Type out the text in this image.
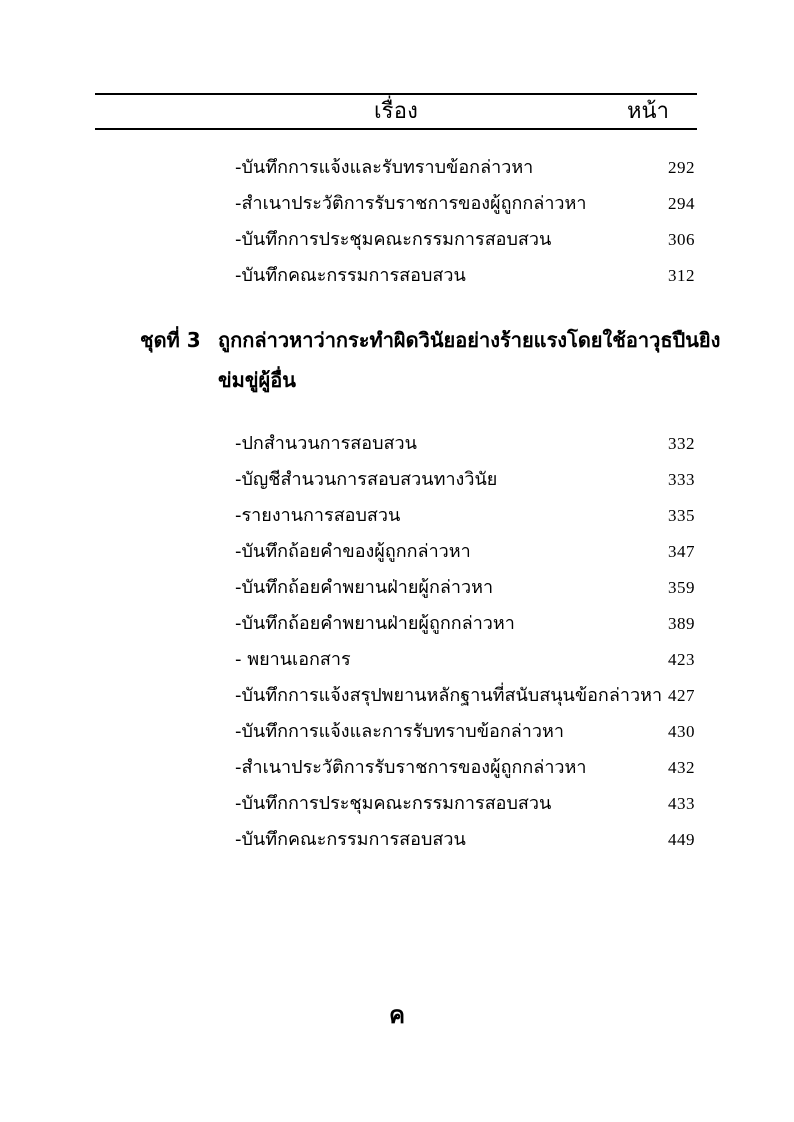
เรื่อง	หน้า
-บันทึกการแจ้งและรับทราบข้อกล่าวหา	292
-สำเนาประวัติการรับราชการของผู้ถูกกล่าวหา	294
-บันทึกการประชุมคณะกรรมการสอบสวน	306
-บันทึกคณะกรรมการสอบสวน	312
ชุดที่ 3 ถูกกล่าวหาว่ากระทำผิดวินัยอย่างร้ายแรงโดยใช้อาวุธปืนยิง
ข่มขู่ผู้อื่น
-ปกสำนวนการสอบสวน	332
-บัญชีสำนวนการสอบสวนทางวินัย	333
-รายงานการสอบสวน	335
-บันทึกถ้อยคำของผู้ถูกกล่าวหา	347
-บันทึกถ้อยคำพยานฝ่ายผู้กล่าวหา	359
-บันทึกถ้อยคำพยานฝ่ายผู้ถูกกล่าวหา	389
- พยานเอกสาร	423
-บันทึกการแจ้งสรุปพยานหลักฐานที่สนับสนุนข้อกล่าวหา 427
-บันทึกการแจ้งและการรับทราบข้อกล่าวหา	430
-สำเนาประวัติการรับราชการของผู้ถูกกล่าวหา	432
-บันทึกการประชุมคณะกรรมการสอบสวน	433
-บันทึกคณะกรรมการสอบสวน	449
ค
